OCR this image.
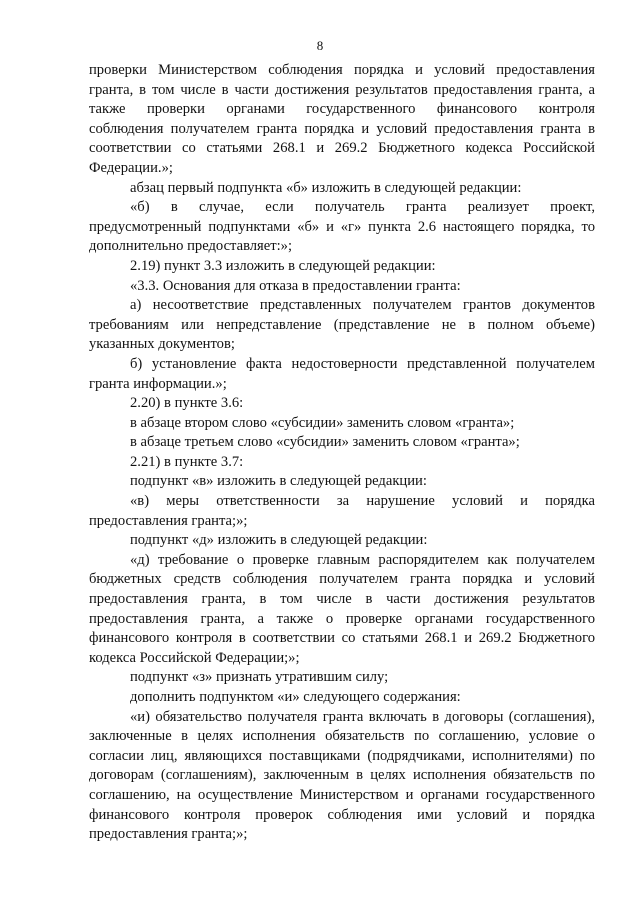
8
проверки Министерством соблюдения порядка и условий предоставления
гранта, в том числе в части достижения результатов предоставления гранта, а
также проверки органами государственного финансового контроля
соблюдения получателем гранта порядка и условий предоставления гранта в
соответствии со статьями 268.1 и 269.2 Бюджетного кодекса Российской
Федерации.»;
абзац первый подпункта «б» изложить в следующей редакции:
«б) в случае, если получатель гранта реализует проект,
предусмотренный подпунктами «б» и «г» пункта 2.6 настоящего порядка, то
дополнительно предоставляет:»;
2.19) пункт 3.3 изложить в следующей редакции:
«3.3. Основания для отказа в предоставлении гранта:
а) несоответствие представленных получателем грантов документов
требованиям или непредставление (представление не в полном объеме)
указанных документов;
б) установление факта недостоверности представленной получателем
гранта информации.»;
2.20) в пункте 3.6:
в абзаце втором слово «субсидии» заменить словом «гранта»;
в абзаце третьем слово «субсидии» заменить словом «гранта»;
2.21) в пункте 3.7:
подпункт «в» изложить в следующей редакции:
«в) меры ответственности за нарушение условий и порядка
предоставления гранта;»;
подпункт «д» изложить в следующей редакции:
«д) требование о проверке главным распорядителем как получателем
бюджетных средств соблюдения получателем гранта порядка и условий
предоставления гранта, в том числе в части достижения результатов
предоставления гранта, а также о проверке органами государственного
финансового контроля в соответствии со статьями 268.1 и 269.2 Бюджетного
кодекса Российской Федерации;»;
подпункт «з» признать утратившим силу;
дополнить подпунктом «и» следующего содержания:
«и) обязательство получателя гранта включать в договоры (соглашения),
заключенные в целях исполнения обязательств по соглашению, условие о
согласии лиц, являющихся поставщиками (подрядчиками, исполнителями) по
договорам (соглашениям), заключенным в целях исполнения обязательств по
соглашению, на осуществление Министерством и органами государственного
финансового контроля проверок соблюдения ими условий и порядка
предоставления гранта;»;
